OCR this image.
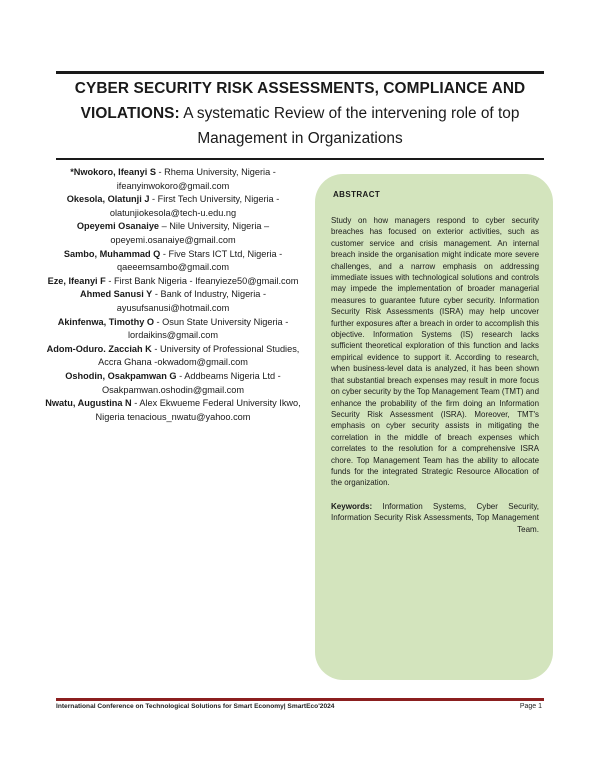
CYBER SECURITY RISK ASSESSMENTS, COMPLIANCE AND VIOLATIONS: A systematic Review of the intervening role of top Management in Organizations

*Nwokoro, Ifeanyi S - Rhema University, Nigeria - ifeanyinwokoro@gmail.com

Okesola, Olatunji J - First Tech University, Nigeria - olatunjiokesola@tech-u.edu.ng

Opeyemi Osanaiye – Nile University, Nigeria – opeyemi.osanaiye@gmail.com

Sambo, Muhammad Q - Five Stars ICT Ltd, Nigeria - qaeeemsambo@gmail.com

Eze, Ifeanyi F - First Bank Nigeria - Ifeanyieze50@gmail.com

Ahmed Sanusi Y - Bank of Industry, Nigeria - ayusufsanusi@hotmail.com

Akinfenwa, Timothy O - Osun State University Nigeria - lordaikins@gmail.com

Adom-Oduro. Zacciah K - University of Professional Studies, Accra Ghana -okwadom@gmail.com

Oshodin, Osakpamwan G - Addbeams Nigeria Ltd - Osakpamwan.oshodin@gmail.com

Nwatu, Augustina N - Alex Ekwueme Federal University Ikwo, Nigeria tenacious_nwatu@yahoo.com

ABSTRACT

Study on how managers respond to cyber security breaches has focused on exterior activities, such as customer service and crisis management. An internal breach inside the organisation might indicate more severe challenges, and a narrow emphasis on addressing immediate issues with technological solutions and controls may impede the implementation of broader managerial measures to guarantee future cyber security. Information Security Risk Assessments (ISRA) may help uncover further exposures after a breach in order to accomplish this objective. Information Systems (IS) research lacks sufficient theoretical exploration of this function and lacks empirical evidence to support it. According to research, when business-level data is analyzed, it has been shown that substantial breach expenses may result in more focus on cyber security by the Top Management Team (TMT) and enhance the probability of the firm doing an Information Security Risk Assessment (ISRA). Moreover, TMT's emphasis on cyber security assists in mitigating the correlation in the middle of breach expenses which correlates to the resolution for a comprehensive ISRA chore. Top Management Team has the ability to allocate funds for the integrated Strategic Resource Allocation of the organization.

Keywords: Information Systems, Cyber Security, Information Security Risk Assessments, Top Management Team.

International Conference on Technological Solutions for Smart Economy| SmartEco'2024	Page 1
